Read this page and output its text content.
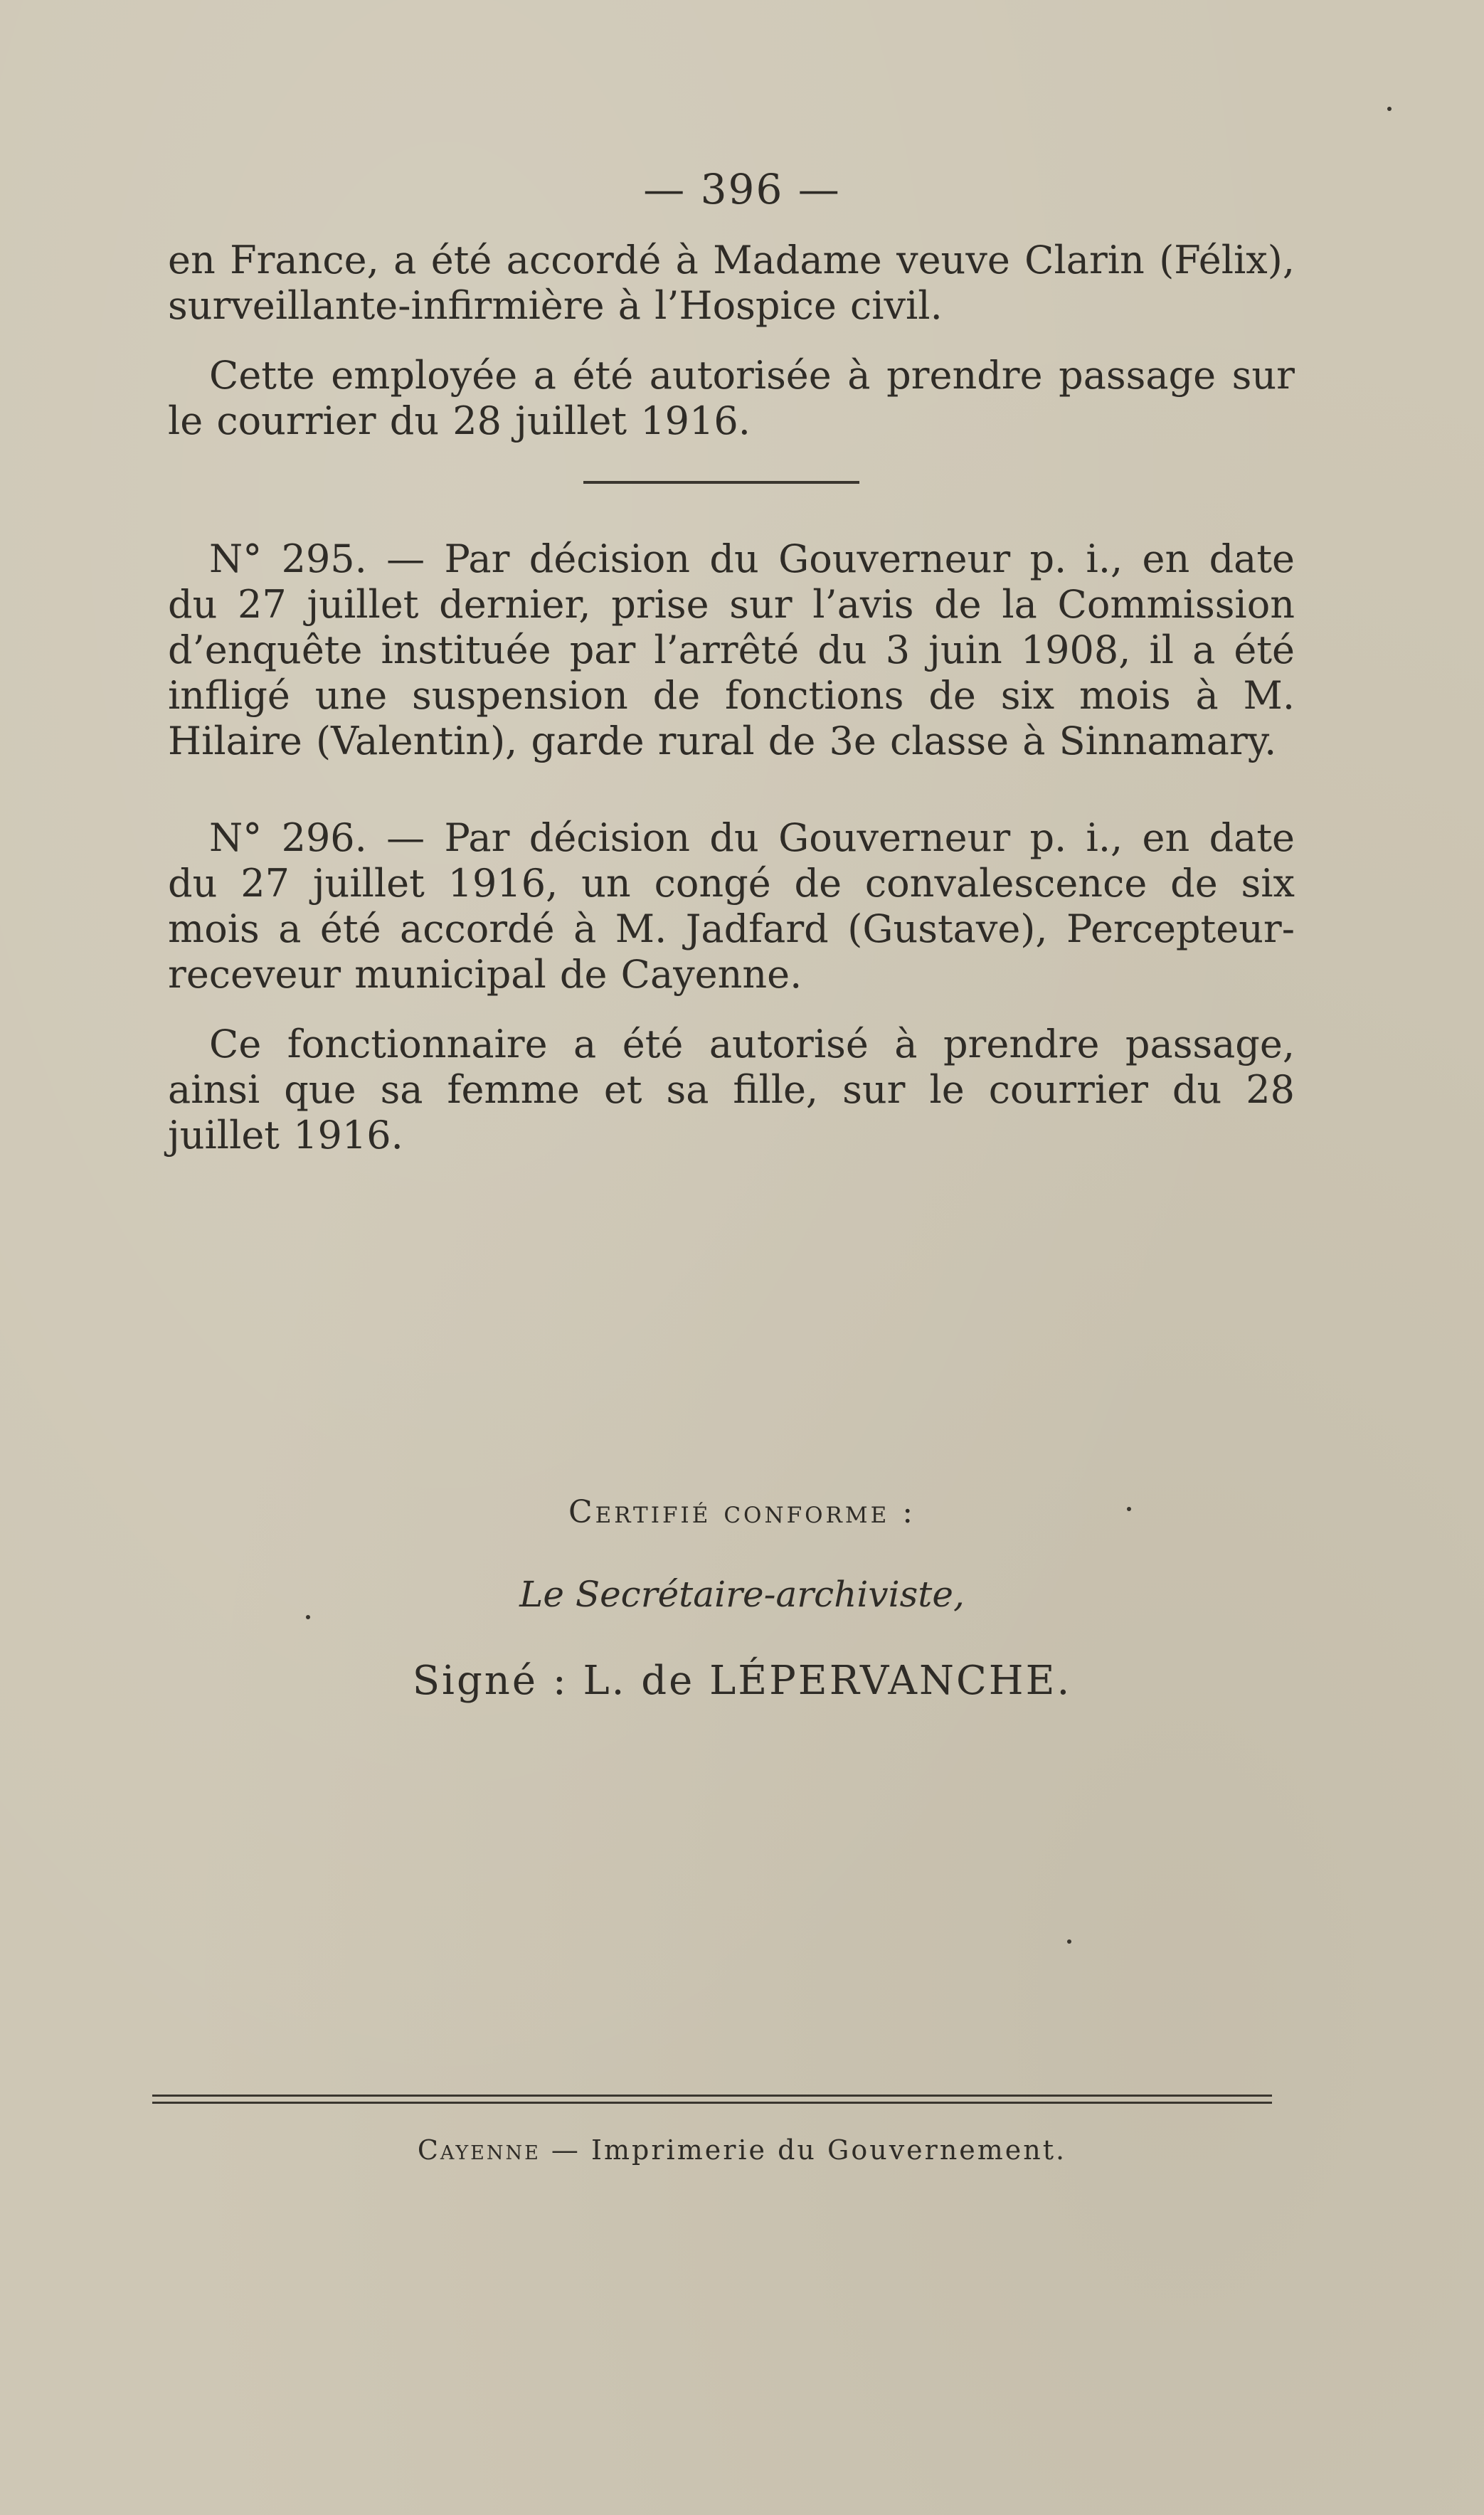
— 396 —

en France, a été accordé à Madame veuve Clarin (Félix), surveillante-infirmière à l’Hospice civil.

Cette employée a été autorisée à prendre passage sur le courrier du 28 juillet 1916.

N° 295. — Par décision du Gouverneur p. i., en date du 27 juillet dernier, prise sur l’avis de la Commission d’enquête instituée par l’arrêté du 3 juin 1908, il a été infligé une suspension de fonctions de six mois à M. Hilaire (Valentin), garde rural de 3e classe à Sinnamary.

N° 296. — Par décision du Gouverneur p. i., en date du 27 juillet 1916, un congé de convalescence de six mois a été accordé à M. Jadfard (Gustave), Percepteur-receveur municipal de Cayenne.

Ce fonctionnaire a été autorisé à prendre passage, ainsi que sa femme et sa fille, sur le courrier du 28 juillet 1916.

Certifié conforme :
Le Secrétaire-archiviste,
Signé : L. de LÉPERVANCHE.
Cayenne — Imprimerie du Gouvernement.
